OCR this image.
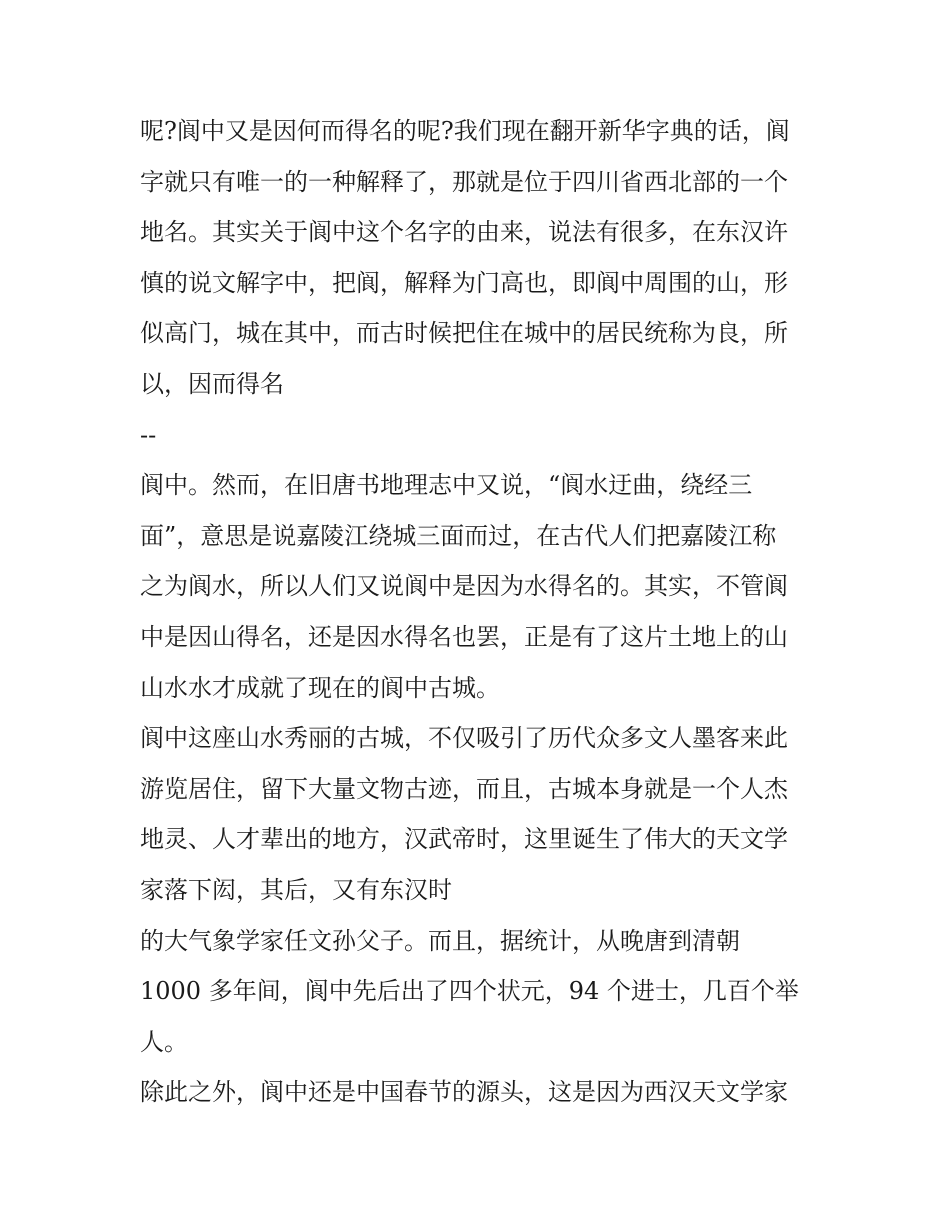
呢?阆中又是因何而得名的呢?我们现在翻开新华字典的话，阆
字就只有唯一的一种解释了，那就是位于四川省西北部的一个
地名。其实关于阆中这个名字的由来，说法有很多，在东汉许
慎的说文解字中，把阆，解释为门高也，即阆中周围的山，形
似高门，城在其中，而古时候把住在城中的居民统称为良，所
以，因而得名
--
阆中。然而，在旧唐书地理志中又说，“阆水迂曲，绕经三
面”，意思是说嘉陵江绕城三面而过，在古代人们把嘉陵江称
之为阆水，所以人们又说阆中是因为水得名的。其实，不管阆
中是因山得名，还是因水得名也罢，正是有了这片土地上的山
山水水才成就了现在的阆中古城。
阆中这座山水秀丽的古城，不仅吸引了历代众多文人墨客来此
游览居住，留下大量文物古迹，而且，古城本身就是一个人杰
地灵、人才辈出的地方，汉武帝时，这里诞生了伟大的天文学
家落下闳，其后，又有东汉时
的大气象学家任文孙父子。而且，据统计，从晚唐到清朝
1000 多年间，阆中先后出了四个状元，94 个进士，几百个举
人。
除此之外，阆中还是中国春节的源头，这是因为西汉天文学家
